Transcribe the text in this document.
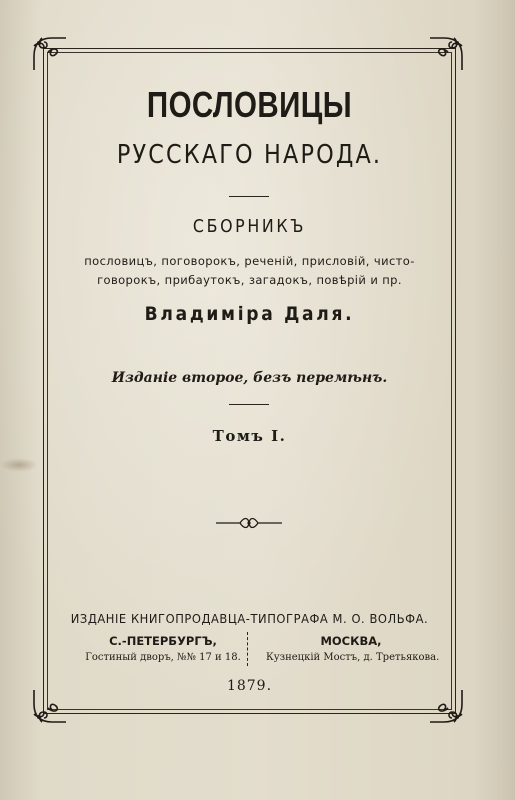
ПОСЛОВИЦЫ
РУССКАГО НАРОДА.
СБОРНИКЪ
пословицъ, поговорокъ, реченій, присловій, чисто-
говорокъ, прибаутокъ, загадокъ, повѣрій и пр.
Владиміра Даля.
Изданіе второе, безъ перемѣнъ.
Томъ I.
ИЗДАНІЕ КНИГОПРОДАВЦА-ТИПОГРАФА М. О. ВОЛЬФА.
С.-ПЕТЕРБУРГЪ,
Гостиный дворъ, №№ 17 и 18.
МОСКВА,
Кузнецкій Мостъ, д. Третьякова.
1879.
